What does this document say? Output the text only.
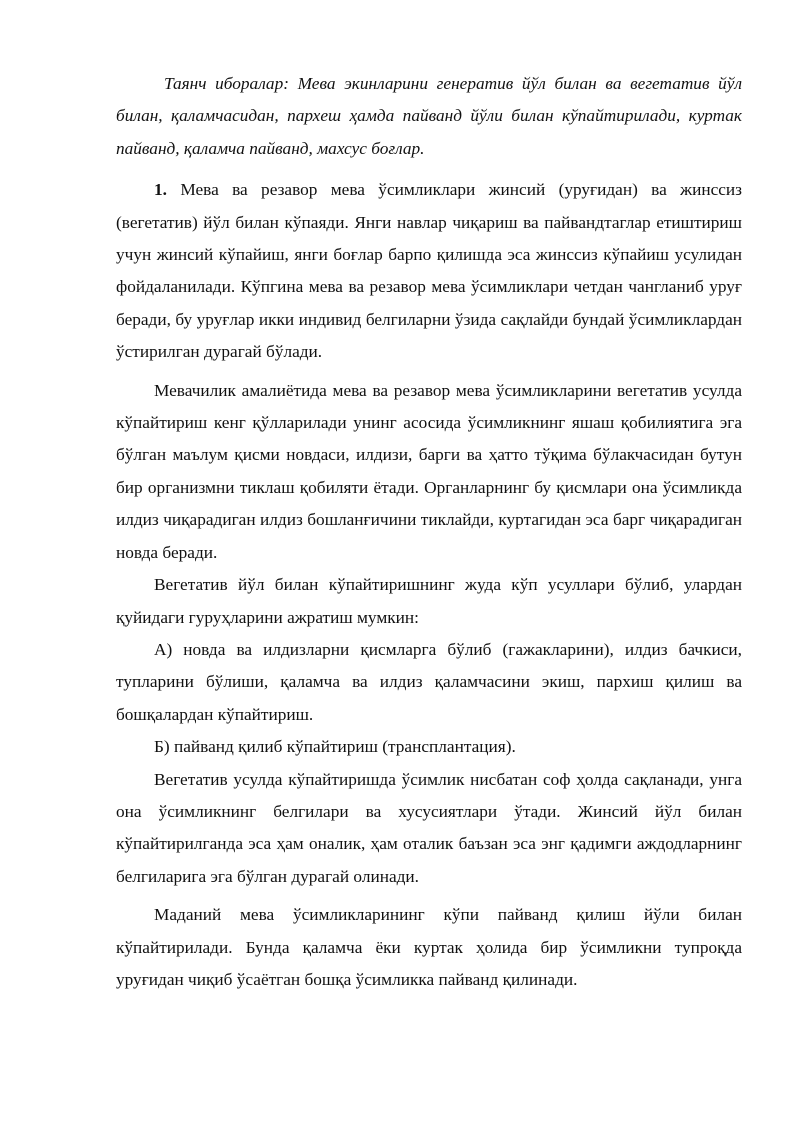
Таянч иборалар: Мева экинларини генератив йўл билан ва вегетатив йўл билан, қаламчасидан, пархеш ҳамда пайванд йўли билан кўпайтирилади, куртак пайванд, қаламча пайванд, махсус боғлар.

1. Мева ва резавор мева ўсимликлари жинсий (уруғидан) ва жинссиз (вегетатив) йўл билан кўпаяди. Янги навлар чиқариш ва пайвандтаглар етиштириш учун жинсий кўпайиш, янги боғлар барпо қилишда эса жинссиз кўпайиш усулидан фойдаланилади. Кўпгина мева ва резавор мева ўсимликлари четдан чангланиб уруғ беради, бу уруғлар икки индивид белгиларни ўзида сақлайди бундай ўсимликлардан ўстирилган дурагай бўлади.

Мевачилик амалиётида мева ва резавор мева ўсимликларини вегетатив усулда кўпайтириш кенг қўлларилади унинг асосида ўсимликнинг яшаш қобилиятига эга бўлган маълум қисми новдаси, илдизи, барги ва ҳатто тўқима бўлакчасидан бутун бир организмни тиклаш қобиляти ётади. Органларнинг бу қисмлари она ўсимликда илдиз чиқарадиган илдиз бошланғичини тиклайди, куртагидан эса барг чиқарадиган новда беради.

Вегетатив йўл билан кўпайтиришнинг жуда кўп усуллари бўлиб, улардан қуйидаги гуруҳларини ажратиш мумкин:

А) новда ва илдизларни қисмларга бўлиб (гажакларини), илдиз бачкиси, тупларини бўлиши, қаламча ва илдиз қаламчасини экиш, пархиш қилиш ва бошқалардан кўпайтириш.

Б) пайванд қилиб кўпайтириш (трансплантация).

Вегетатив усулда кўпайтиришда ўсимлик нисбатан соф ҳолда сақланади, унга она ўсимликнинг белгилари ва хусусиятлари ўтади. Жинсий йўл билан кўпайтирилганда эса ҳам оналик, ҳам оталик баъзан эса энг қадимги аждодларнинг белгиларига эга бўлган дурагай олинади.

Маданий мева ўсимликларининг кўпи пайванд қилиш йўли билан кўпайтирилади. Бунда қаламча ёки куртак ҳолида бир ўсимликни тупроқда уруғидан чиқиб ўсаётган бошқа ўсимликка пайванд қилинади.
